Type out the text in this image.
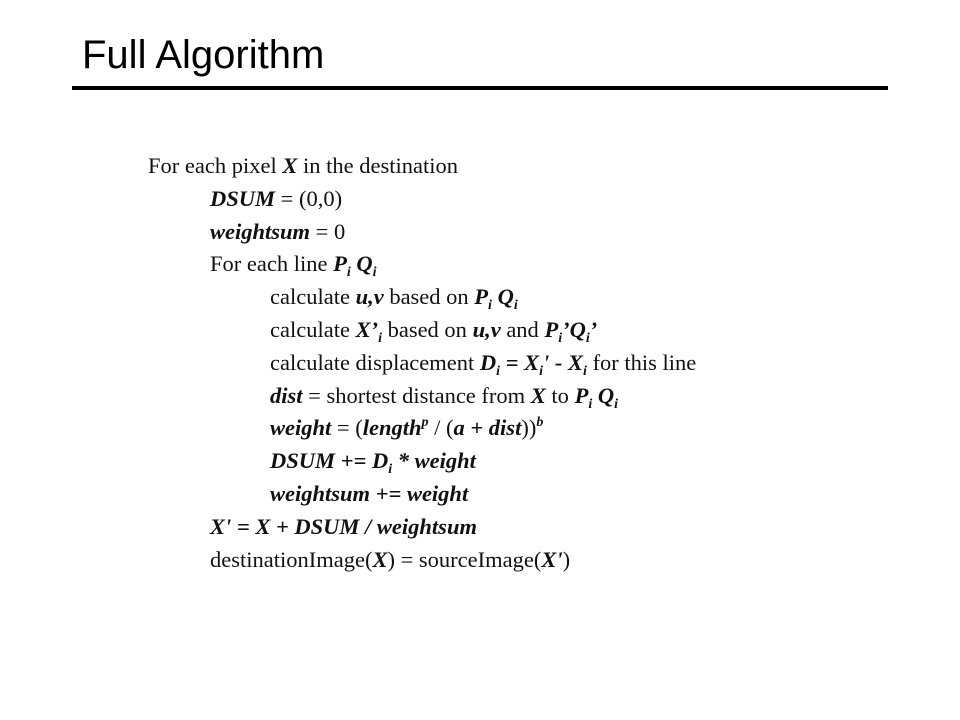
Full Algorithm
For each pixel X in the destination
DSUM = (0,0)
weightsum = 0
For each line $P_i$ $Q_i$
calculate u,v based on $P_i$ $Q_i$
calculate $X’_i$ based on u,v and $P_i’Q_i$’
calculate displacement $D_i = X_i' - X_i$ for this line
dist = shortest distance from X to $P_i$ $Q_i$
weight = (length$^p$ / (a + dist))$^b$
DSUM += $D_i$ * weight
weightsum += weight
X' = X + DSUM / weightsum
destinationImage(X) = sourceImage(X')
